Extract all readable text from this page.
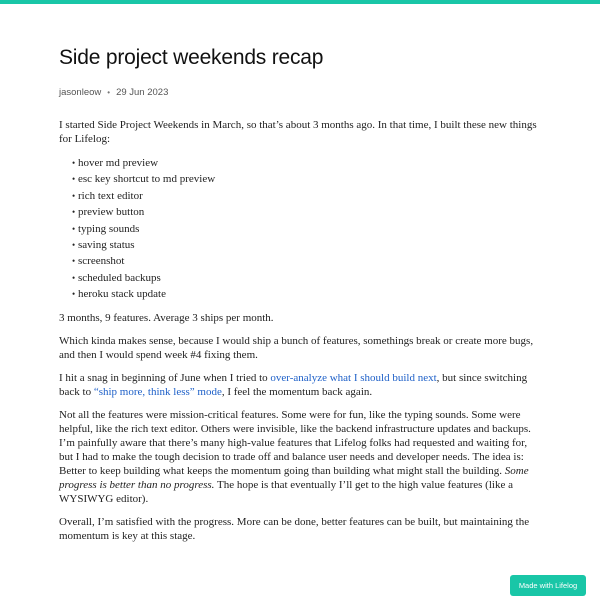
Side project weekends recap
jasonleow • 29 Jun 2023

I started Side Project Weekends in March, so that’s about 3 months ago. In that time, I built these new things for Lifelog:

• hover md preview
• esc key shortcut to md preview
• rich text editor
• preview button
• typing sounds
• saving status
• screenshot
• scheduled backups
• heroku stack update

3 months, 9 features. Average 3 ships per month.

Which kinda makes sense, because I would ship a bunch of features, somethings break or create more bugs, and then I would spend week #4 fixing them.

I hit a snag in beginning of June when I tried to over-analyze what I should build next, but since switching back to “ship more, think less” mode, I feel the momentum back again.

Not all the features were mission-critical features. Some were for fun, like the typing sounds. Some were helpful, like the rich text editor. Others were invisible, like the backend infrastructure updates and backups. I’m painfully aware that there’s many high-value features that Lifelog folks had requested and waiting for, but I had to make the tough decision to trade off and balance user needs and developer needs. The idea is: Better to keep building what keeps the momentum going than building what might stall the building. Some progress is better than no progress. The hope is that eventually I’ll get to the high value features (like a WYSIWYG editor).

Overall, I’m satisfied with the progress. More can be done, better features can be built, but maintaining the momentum is key at this stage.

Made with Lifelog
